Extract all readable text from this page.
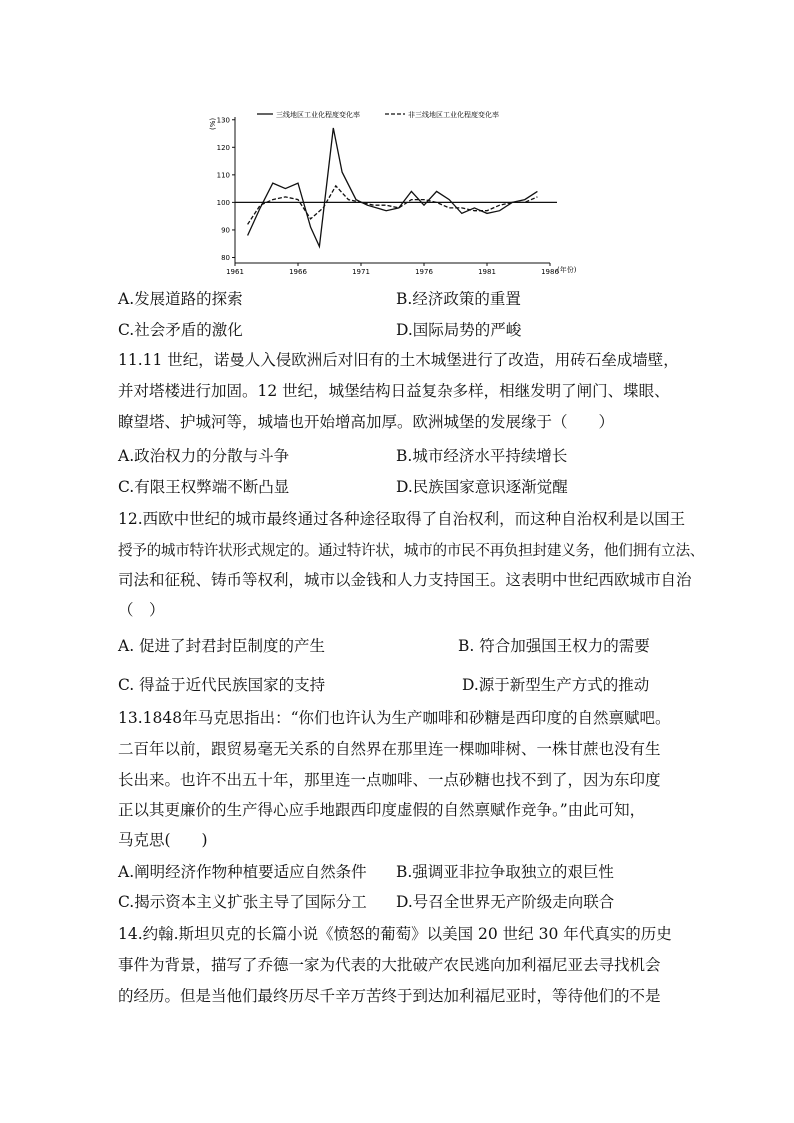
(%)
(年份)
三线地区工业化程度变化率	非三线地区工业化程度变化率
80
90
100
110
120
130
1961	1966	1971	1976	1981	1986
A.发展道路的探索	B.经济政策的重置
C.社会矛盾的激化	D.国际局势的严峻
11.11 世纪，诺曼人入侵欧洲后对旧有的土木城堡进行了改造，用砖石垒成墙壁，
并对塔楼进行加固。12 世纪，城堡结构日益复杂多样，相继发明了闸门、堞眼、
瞭望塔、护城河等，城墙也开始增高加厚。欧洲城堡的发展缘于（　　）
A.政治权力的分散与斗争	B.城市经济水平持续增长
C.有限王权弊端不断凸显	D.民族国家意识逐渐觉醒
12.西欧中世纪的城市最终通过各种途径取得了自治权利，而这种自治权利是以国王
授予的城市特许状形式规定的。通过特许状，城市的市民不再负担封建义务，他们拥有立法、
司法和征税、铸币等权利，城市以金钱和人力支持国王。这表明中世纪西欧城市自治
（　）
A. 促进了封君封臣制度的产生	B. 符合加强国王权力的需要
C. 得益于近代民族国家的支持	D.源于新型生产方式的推动
13.1848年马克思指出：“你们也许认为生产咖啡和砂糖是西印度的自然禀赋吧。
二百年以前，跟贸易毫无关系的自然界在那里连一棵咖啡树、一株甘蔗也没有生
长出来。也许不出五十年，那里连一点咖啡、一点砂糖也找不到了，因为东印度
正以其更廉价的生产得心应手地跟西印度虚假的自然禀赋作竞争。”由此可知，
马克思(　　)
A.阐明经济作物种植要适应自然条件 B.强调亚非拉争取独立的艰巨性
C.揭示资本主义扩张主导了国际分工 D.号召全世界无产阶级走向联合
14.约翰.斯坦贝克的长篇小说《愤怒的葡萄》以美国 20 世纪 30 年代真实的历史
事件为背景，描写了乔德一家为代表的大批破产农民逃向加利福尼亚去寻找机会
的经历。但是当他们最终历尽千辛万苦终于到达加利福尼亚时，等待他们的不是
